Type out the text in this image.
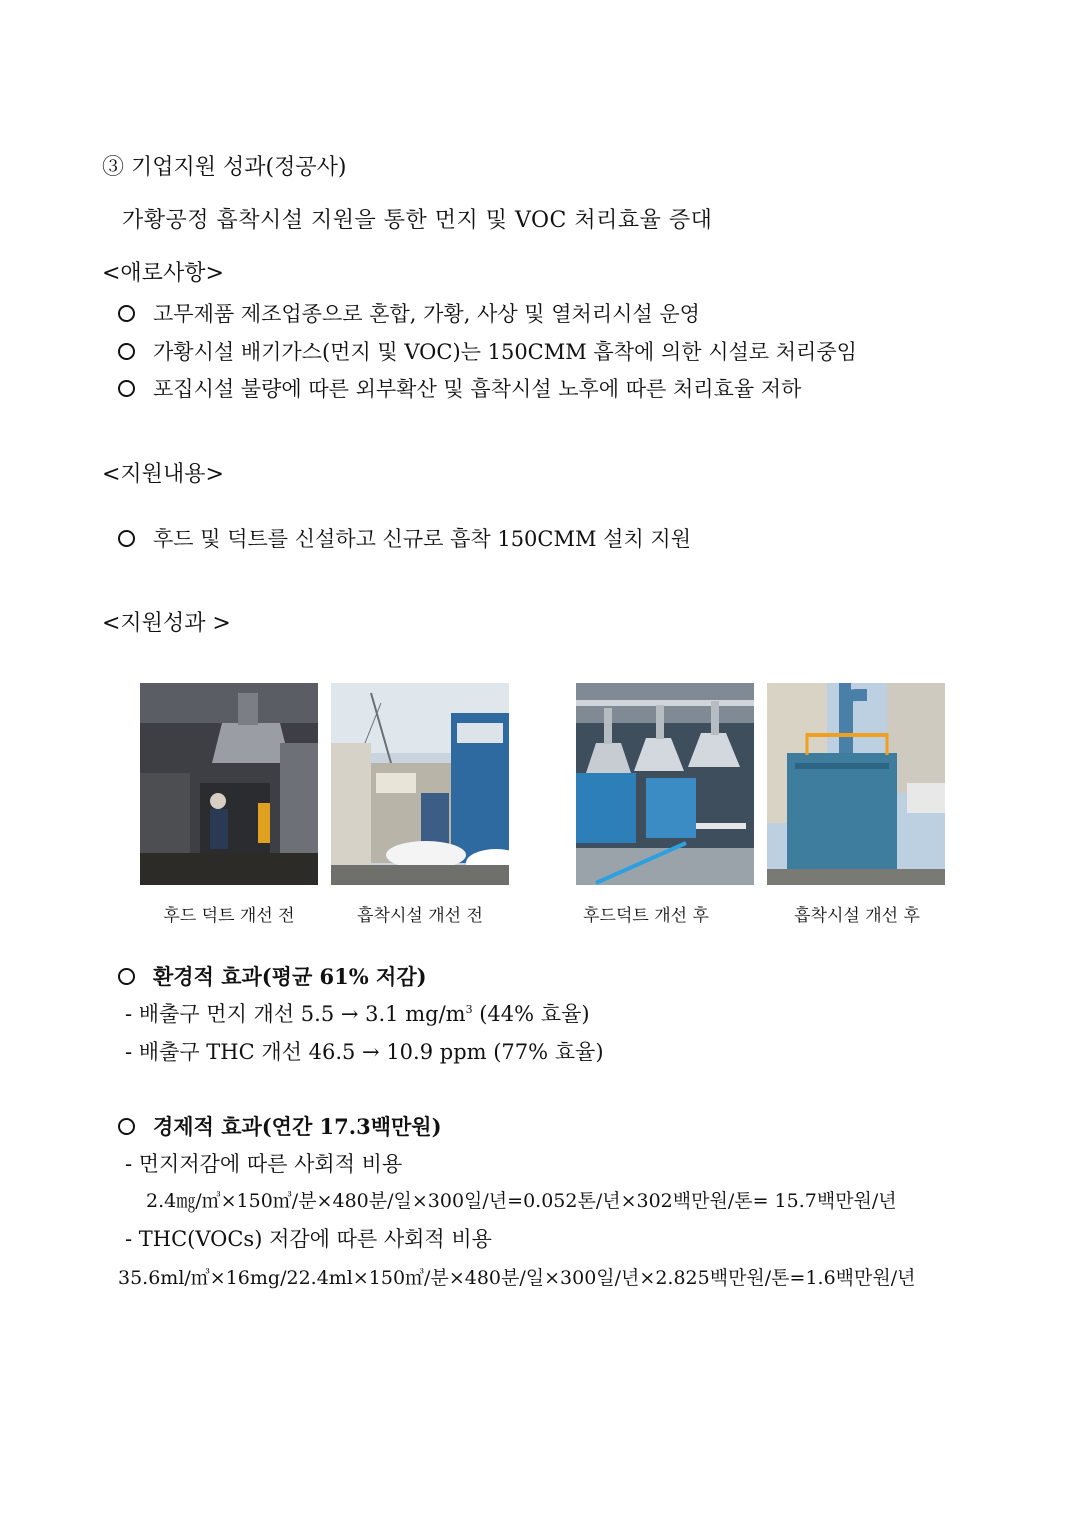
③ 기업지원 성과(정공사)
가황공정 흡착시설 지원을 통한 먼지 및 VOC 처리효율 증대
<애로사항>
고무제품 제조업종으로 혼합, 가황, 사상 및 열처리시설 운영
가황시설 배기가스(먼지 및 VOC)는 150CMM 흡착에 의한 시설로 처리중임
포집시설 불량에 따른 외부확산 및 흡착시설 노후에 따른 처리효율 저하
<지원내용>
후드 및 덕트를 신설하고 신규로 흡착 150CMM 설치 지원
<지원성과 >
후드 덕트 개선 전	흡착시설 개선 전	후드덕트 개선 후	흡착시설 개선 후
환경적 효과(평균 61% 저감)
- 배출구 먼지 개선 5.5 → 3.1 $mg/m^3$ (44% 효율)
- 배출구 THC 개선 46.5 → 10.9 ppm (77% 효율)
경제적 효과(연간 17.3백만원)
- 먼지저감에 따른 사회적 비용
2.4㎎/㎥×150㎥/분×480분/일×300일/년=0.052톤/년×302백만원/톤= 15.7백만원/년
- THC(VOCs) 저감에 따른 사회적 비용
35.6ml/㎥×16mg/22.4ml×150㎥/분×480분/일×300일/년×2.825백만원/톤=1.6백만원/년
